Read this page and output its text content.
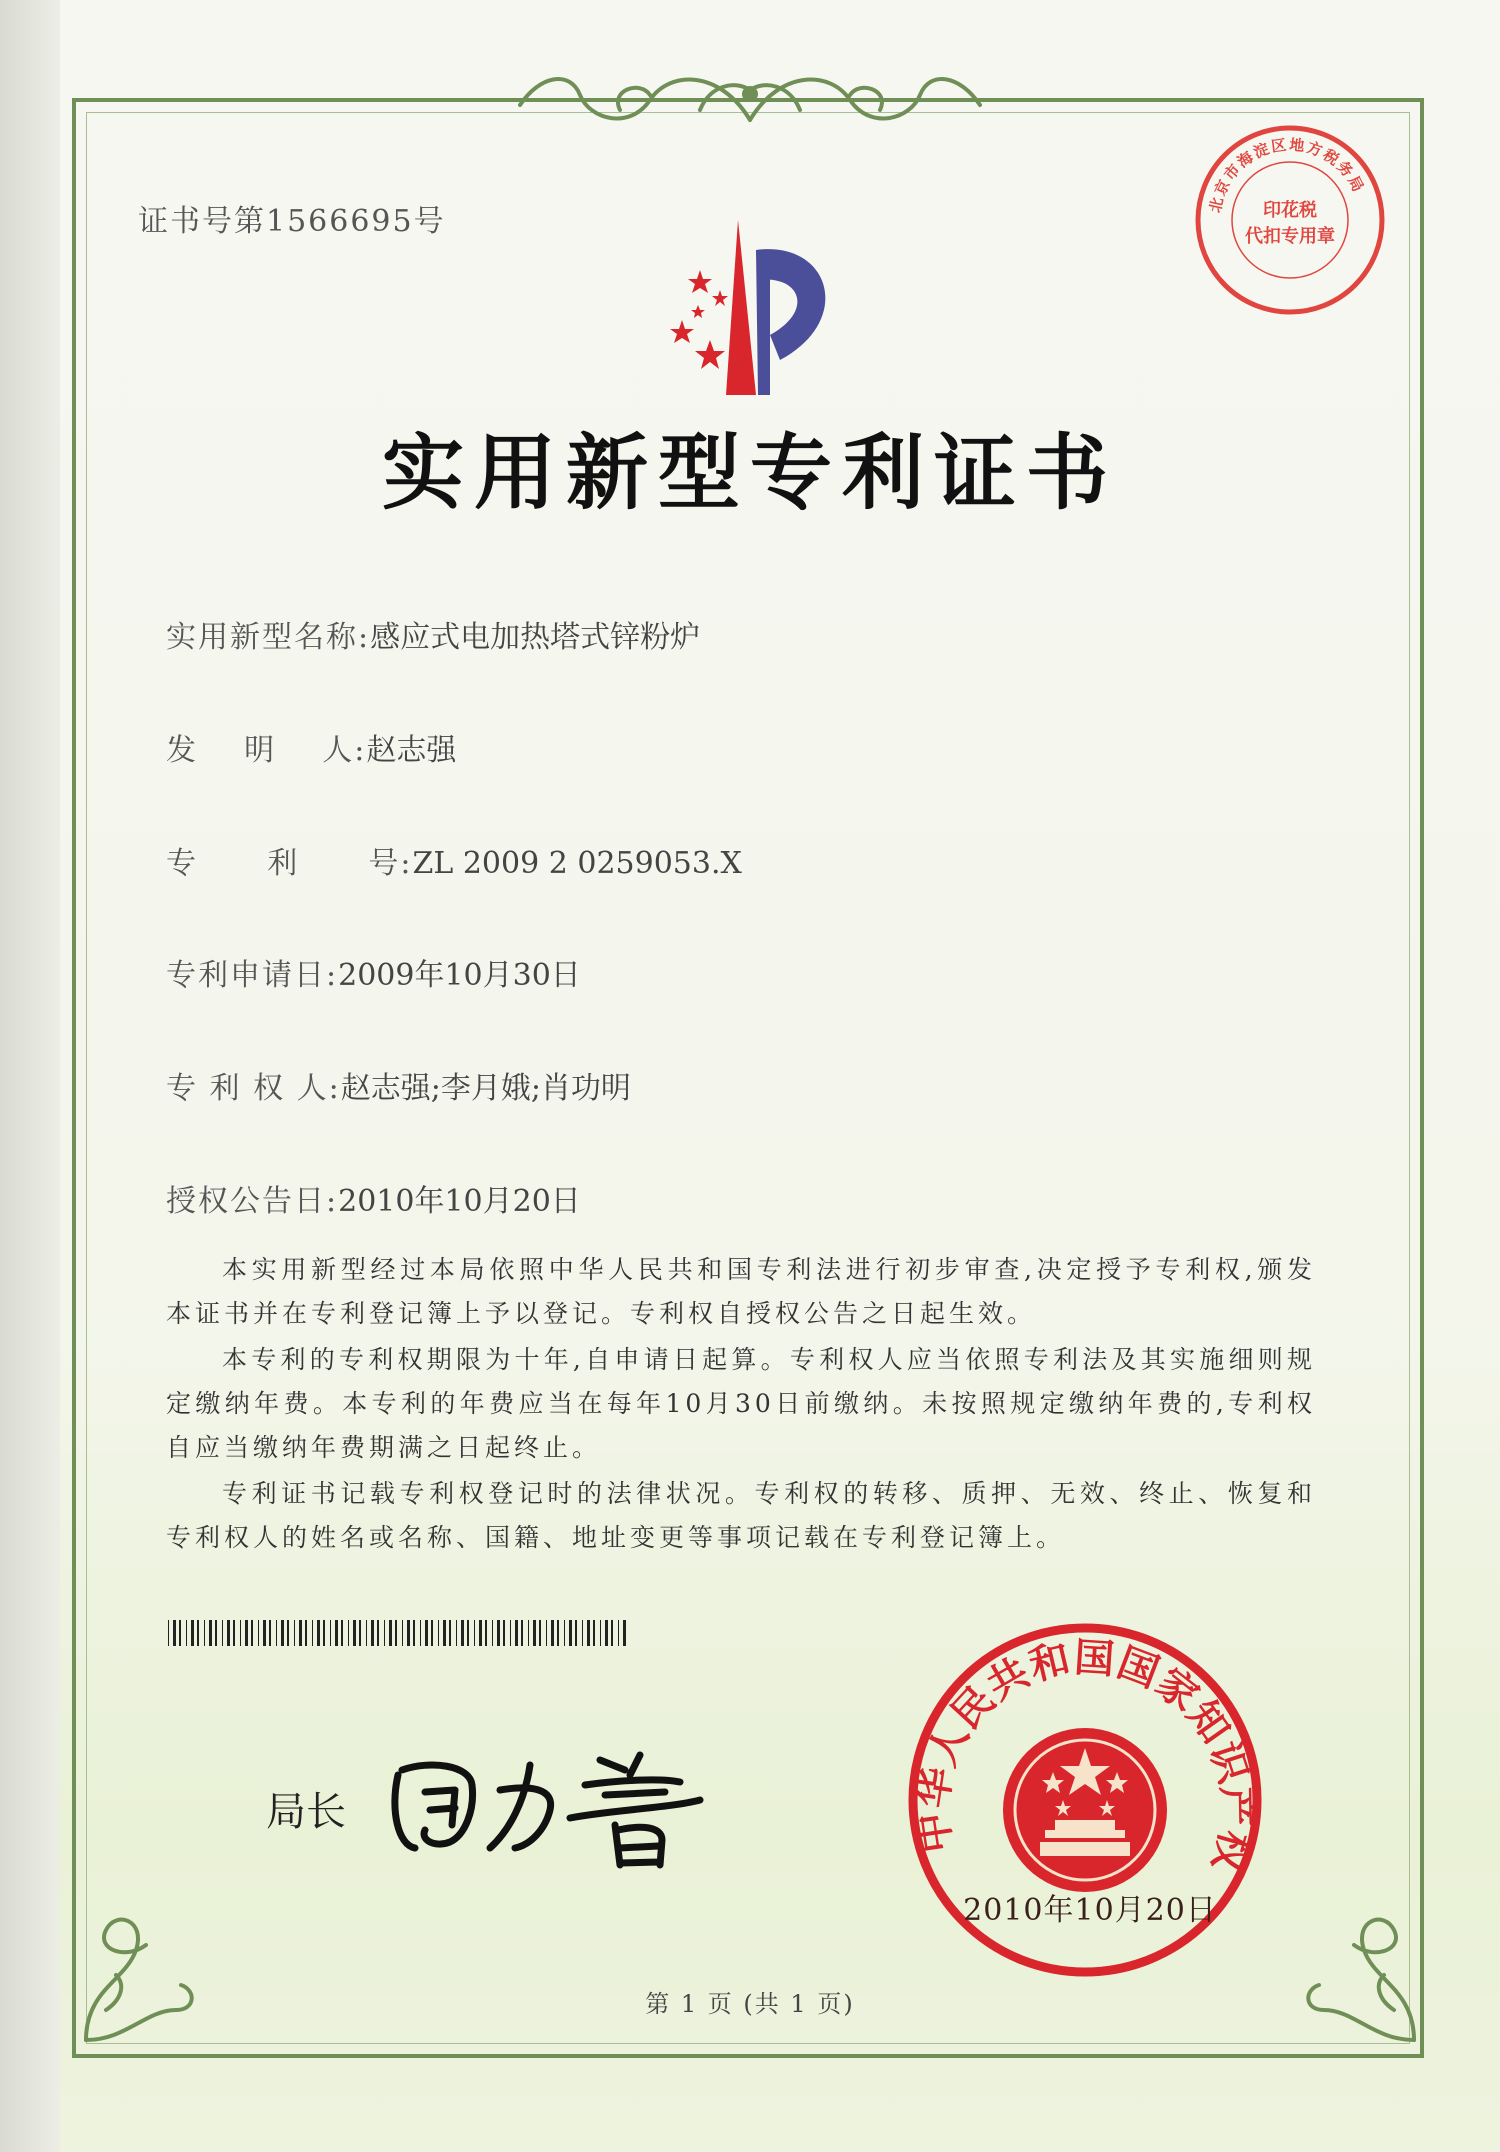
北京市海淀区地方税务局
印花税
代扣专用章
证书号第1566695号
实用新型专利证书
实用新型名称:感应式电加热塔式锌粉炉
发    明    人:赵志强
专      利      号:ZL 2009 2 0259053.X
专利申请日:2009年10月30日
专 利 权 人:赵志强;李月娥;肖功明
授权公告日:2010年10月20日
本实用新型经过本局依照中华人民共和国专利法进行初步审查,决定授予专利权,颁发本证书并在专利登记簿上予以登记。专利权自授权公告之日起生效。
本专利的专利权期限为十年,自申请日起算。专利权人应当依照专利法及其实施细则规定缴纳年费。本专利的年费应当在每年10月30日前缴纳。未按照规定缴纳年费的,专利权自应当缴纳年费期满之日起终止。
专利证书记载专利权登记时的法律状况。专利权的转移、质押、无效、终止、恢复和专利权人的姓名或名称、国籍、地址变更等事项记载在专利登记簿上。
局长	中华人民共和国国家知识产权
2010年10月20日
第 1 页 (共 1 页)
